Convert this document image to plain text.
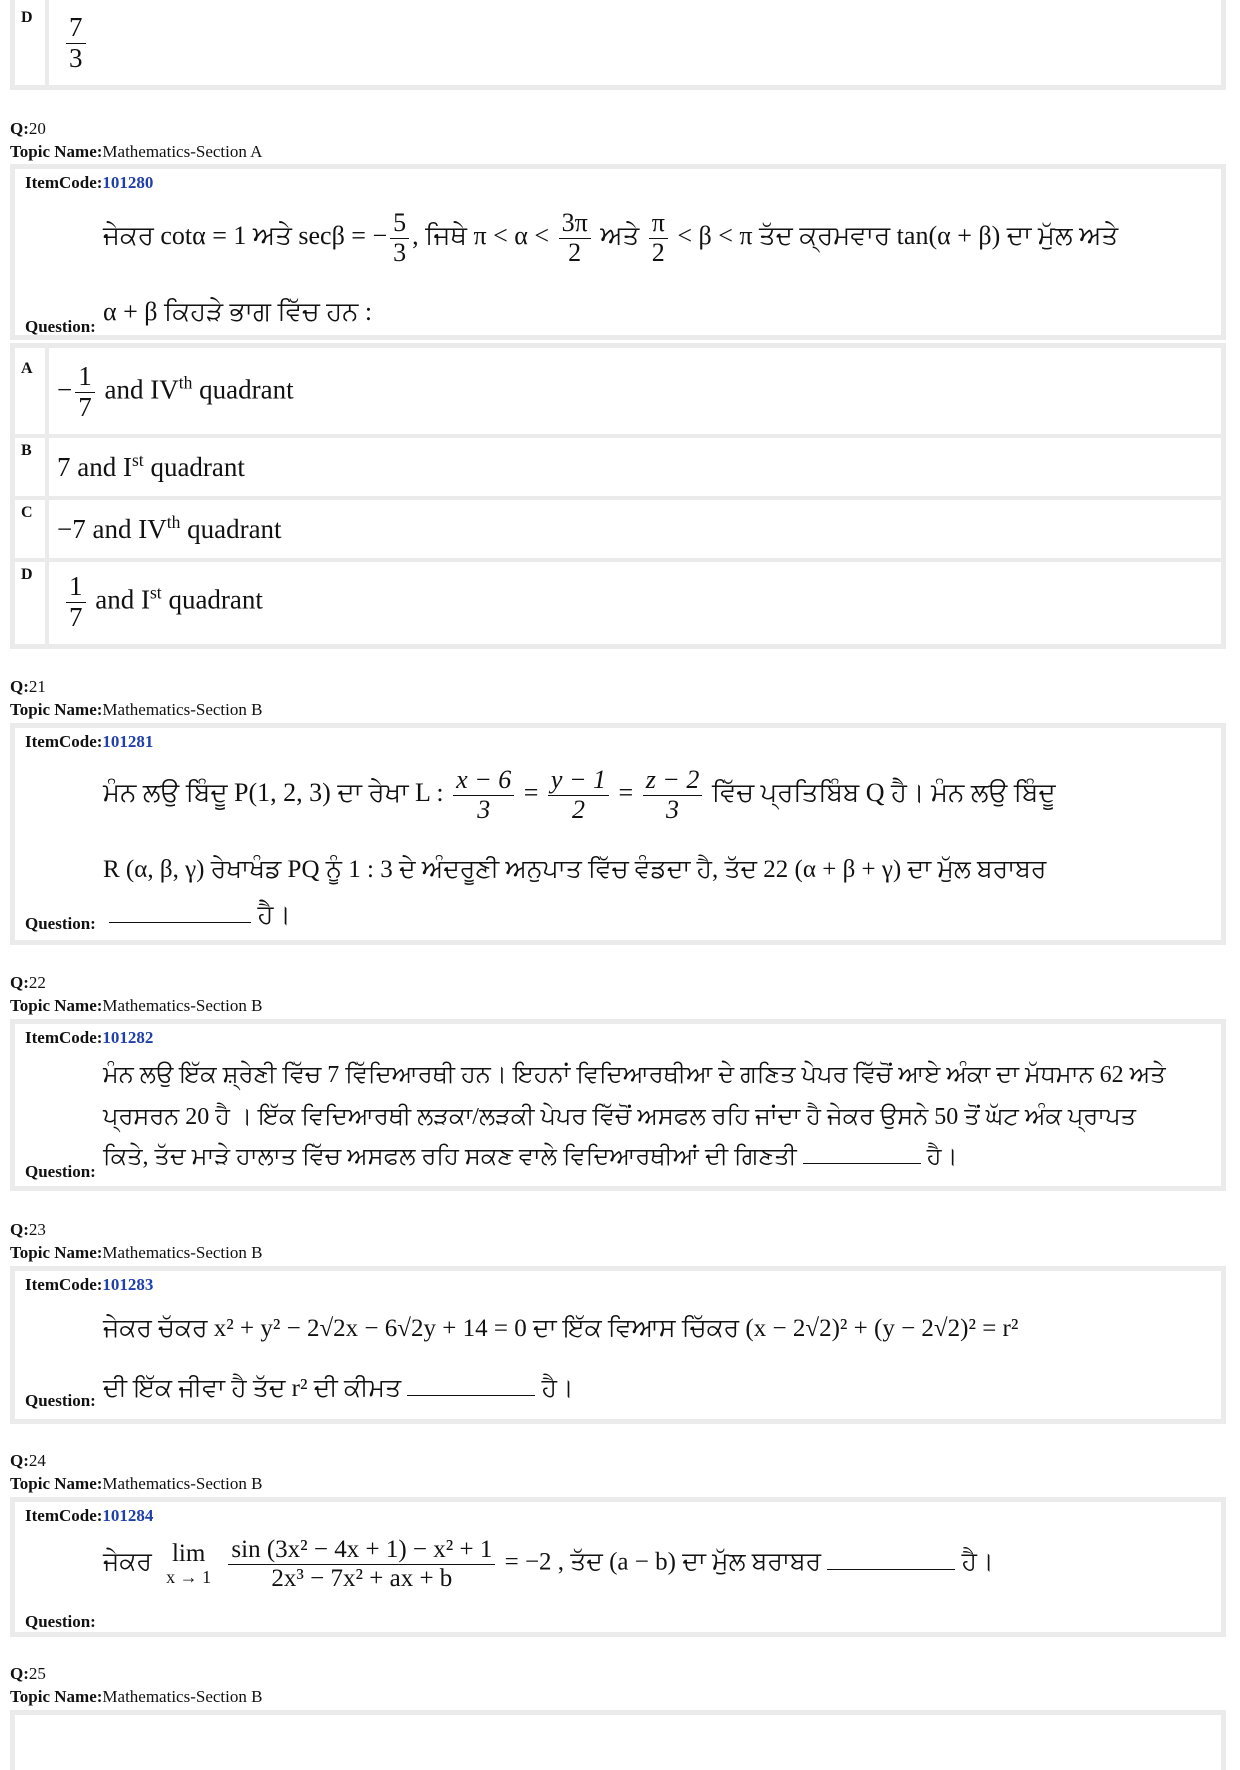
D $\frac{7}{3}$
Q:20
Topic Name:Mathematics-Section A
ItemCode:101280
ਜੇਕਰ cotα = 1 ਅਤੇ secβ = − $\frac{5}{3}$ , ਜਿਥੇ $\pi < \alpha < \frac{3\pi}{2}$ ਅਤੇ $\frac{\pi}{2} < \beta < \pi$ ਤੱਦ ਕ੍ਰਮਵਾਰ tan(α + β) ਦਾ ਮੁੱਲ ਅਤੇ
α + β ਕਿਹੜੇ ਭਾਗ ਵਿੱਚ ਹਨ :
Question:
A
− $\frac{1}{7}$ and IVth quadrant
B
7 and Ist quadrant
C
−7 and IVth quadrant
D $\frac{1}{7}$ and Ist quadrant
Q:21
Topic Name:Mathematics-Section B
ItemCode:101281
ਮੰਨ ਲਉ ਬਿੰਦੂ P(1, 2, 3) ਦਾ ਰੇਖਾ L : $\frac{x - 6}{3} = \frac{y - 1}{2} = \frac{z - 2}{3}$ ਵਿੱਚ ਪ੍ਰਤਿਬਿੰਬ Q ਹੈ। ਮੰਨ ਲਉ ਬਿੰਦੂ
R (α, β, γ) ਰੇਖਾਖੰਡ PQ ਨੂੰ 1 : 3 ਦੇ ਅੰਦਰੂਣੀ ਅਨੁਪਾਤ ਵਿੱਚ ਵੰਡਦਾ ਹੈ, ਤੱਦ 22 (α + β + γ) ਦਾ ਮੁੱਲ ਬਰਾਬਰ
Question:	ਹੈ।
Q:22
Topic Name:Mathematics-Section B
ItemCode:101282
ਮੰਨ ਲਉ ਇੱਕ ਸ਼੍ਰੇਣੀ ਵਿੱਚ 7 ਵਿੱਦਿਆਰਥੀ ਹਨ। ਇਹਨਾਂ ਵਿਦਿਆਰਥੀਆ ਦੇ ਗਣਿਤ ਪੇਪਰ ਵਿੱਚੋਂ ਆਏ ਅੰਕਾ ਦਾ ਮੱਧਮਾਨ 62 ਅਤੇ
ਪ੍ਰਸਰਨ 20 ਹੈ । ਇੱਕ ਵਿਦਿਆਰਥੀ ਲੜਕਾ/ਲੜਕੀ ਪੇਪਰ ਵਿੱਚੋਂ ਅਸਫਲ ਰਹਿ ਜਾਂਦਾ ਹੈ ਜੇਕਰ ਉਸਨੇ 50 ਤੋਂ ਘੱਟ ਅੰਕ ਪ੍ਰਾਪਤ
Question:
ਕਿਤੇ, ਤੱਦ ਮਾੜੇ ਹਾਲਾਤ ਵਿੱਚ ਅਸਫਲ ਰਹਿ ਸਕਣ ਵਾਲੇ ਵਿਦਿਆਰਥੀਆਂ ਦੀ ਗਿਣਤੀ	ਹੈ।
Q:23
Topic Name:Mathematics-Section B
ItemCode:101283
ਜੇਕਰ ਚੱਕਰ x² + y² − 2√2x − 6√2y + 14 = 0 ਦਾ ਇੱਕ ਵਿਆਸ ਚਿੱਕਰ (x − 2√2)² + (y − 2√2)² = r²
Question: ਦੀ ਇੱਕ ਜੀਵਾ ਹੈ ਤੱਦ r² ਦੀ ਕੀਮਤ	ਹੈ।
Q:24
Topic Name:Mathematics-Section B
ItemCode:101284
ਜੇਕਰ lim
x → 1
$\frac{\text{sin (3x² − 4x + 1) − x² + 1}}{\text{2x³ − 7x² + ax + b}} = -2$ , ਤੱਦ (a − b) ਦਾ ਮੁੱਲ ਬਰਾਬਰ	ਹੈ।
Question:
Q:25
Topic Name:Mathematics-Section B
